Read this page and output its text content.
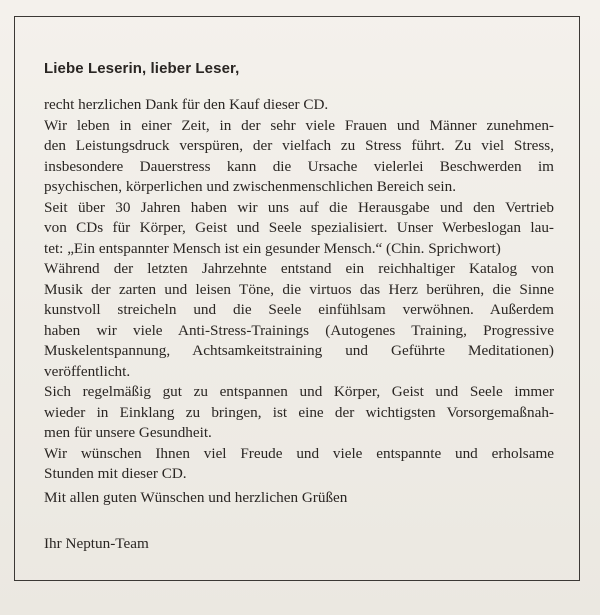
Liebe Leserin, lieber Leser,
recht herzlichen Dank für den Kauf dieser CD.
Wir leben in einer Zeit, in der sehr viele Frauen und Männer zunehmen-
den Leistungsdruck verspüren, der vielfach zu Stress führt. Zu viel Stress,
insbesondere Dauerstress kann die Ursache vielerlei Beschwerden im
psychischen, körperlichen und zwischenmenschlichen Bereich sein.
Seit über 30 Jahren haben wir uns auf die Herausgabe und den Vertrieb
von CDs für Körper, Geist und Seele spezialisiert. Unser Werbeslogan lau-
tet: „Ein entspannter Mensch ist ein gesunder Mensch.“ (Chin. Sprichwort)
Während der letzten Jahrzehnte entstand ein reichhaltiger Katalog von
Musik der zarten und leisen Töne, die virtuos das Herz berühren, die Sinne
kunstvoll streicheln und die Seele einfühlsam verwöhnen. Außerdem
haben wir viele Anti-Stress-Trainings (Autogenes Training, Progressive
Muskelentspannung, Achtsamkeitstraining und Geführte Meditationen)
veröffentlicht.
Sich regelmäßig gut zu entspannen und Körper, Geist und Seele immer
wieder in Einklang zu bringen, ist eine der wichtigsten Vorsorgemaßnah-
men für unsere Gesundheit.
Wir wünschen Ihnen viel Freude und viele entspannte und erholsame
Stunden mit dieser CD.
Mit allen guten Wünschen und herzlichen Grüßen
Ihr Neptun-Team
